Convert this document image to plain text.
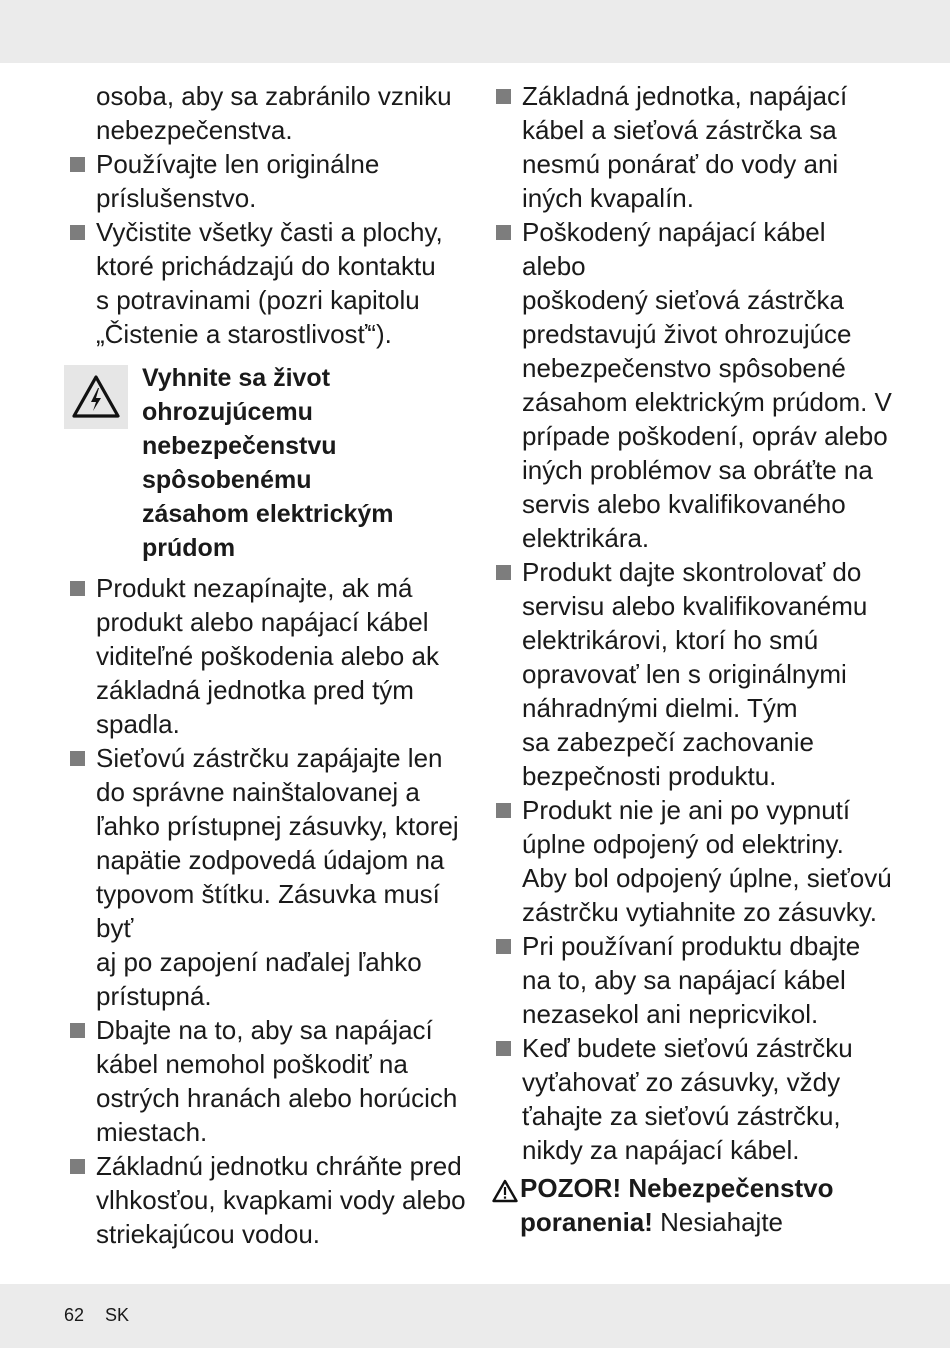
osoba, aby sa zabránilo vzniku
nebezpečenstva.
Používajte len originálne
príslušenstvo.
Vyčistite všetky časti a plochy,
ktoré prichádzajú do kontaktu
s potravinami (pozri kapitolu
„Čistenie a starostlivosť“).
Vyhnite sa život
ohrozujúcemu
nebezpečenstvu
spôsobenému
zásahom elektrickým
prúdom
Produkt nezapínajte, ak má
produkt alebo napájací kábel
viditeľné poškodenia alebo ak
základná jednotka pred tým
spadla.
Sieťovú zástrčku zapájajte len
do správne nainštalovanej a
ľahko prístupnej zásuvky, ktorej
napätie zodpovedá údajom na
typovom štítku. Zásuvka musí byť
aj po zapojení naďalej ľahko
prístupná.
Dbajte na to, aby sa napájací
kábel nemohol poškodiť na
ostrých hranách alebo horúcich
miestach.
Základnú jednotku chráňte pred
vlhkosťou, kvapkami vody alebo
striekajúcou vodou.
Základná jednotka, napájací
kábel a sieťová zástrčka sa
nesmú ponárať do vody ani
iných kvapalín.
Poškodený napájací kábel alebo
poškodený sieťová zástrčka
predstavujú život ohrozujúce
nebezpečenstvo spôsobené
zásahom elektrickým prúdom. V
prípade poškodení, opráv alebo
iných problémov sa obráťte na
servis alebo kvalifikovaného
elektrikára.
Produkt dajte skontrolovať do
servisu alebo kvalifikovanému
elektrikárovi, ktorí ho smú
opravovať len s originálnymi
náhradnými dielmi. Tým
sa zabezpečí zachovanie
bezpečnosti produktu.
Produkt nie je ani po vypnutí
úplne odpojený od elektriny.
Aby bol odpojený úplne, sieťovú
zástrčku vytiahnite zo zásuvky.
Pri používaní produktu dbajte
na to, aby sa napájací kábel
nezasekol ani nepricvikol.
Keď budete sieťovú zástrčku
vyťahovať zo zásuvky, vždy
ťahajte za sieťovú zástrčku,
nikdy za napájací kábel.
POZOR! Nebezpečenstvo
poranenia! Nesiahajte
62 SK
